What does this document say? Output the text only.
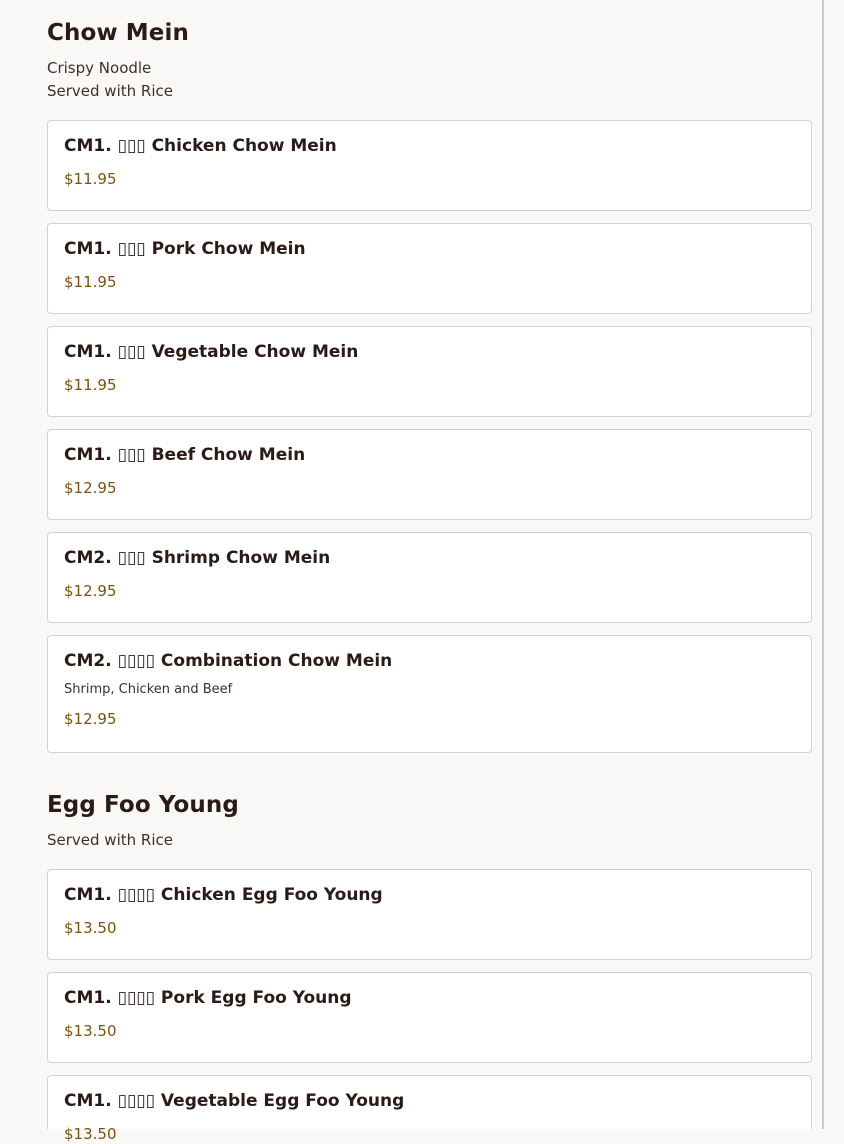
Chow Mein
Crispy Noodle
Served with Rice
CM1. ▯▯▯ Chicken Chow Mein
$11.95
CM1. ▯▯▯ Pork Chow Mein
$11.95
CM1. ▯▯▯ Vegetable Chow Mein
$11.95
CM1. ▯▯▯ Beef Chow Mein
$12.95
CM2. ▯▯▯ Shrimp Chow Mein
$12.95
CM2. ▯▯▯▯ Combination Chow Mein
Shrimp, Chicken and Beef
$12.95
Egg Foo Young
Served with Rice
CM1. ▯▯▯▯ Chicken Egg Foo Young
$13.50
CM1. ▯▯▯▯ Pork Egg Foo Young
$13.50
CM1. ▯▯▯▯ Vegetable Egg Foo Young
$13.50
